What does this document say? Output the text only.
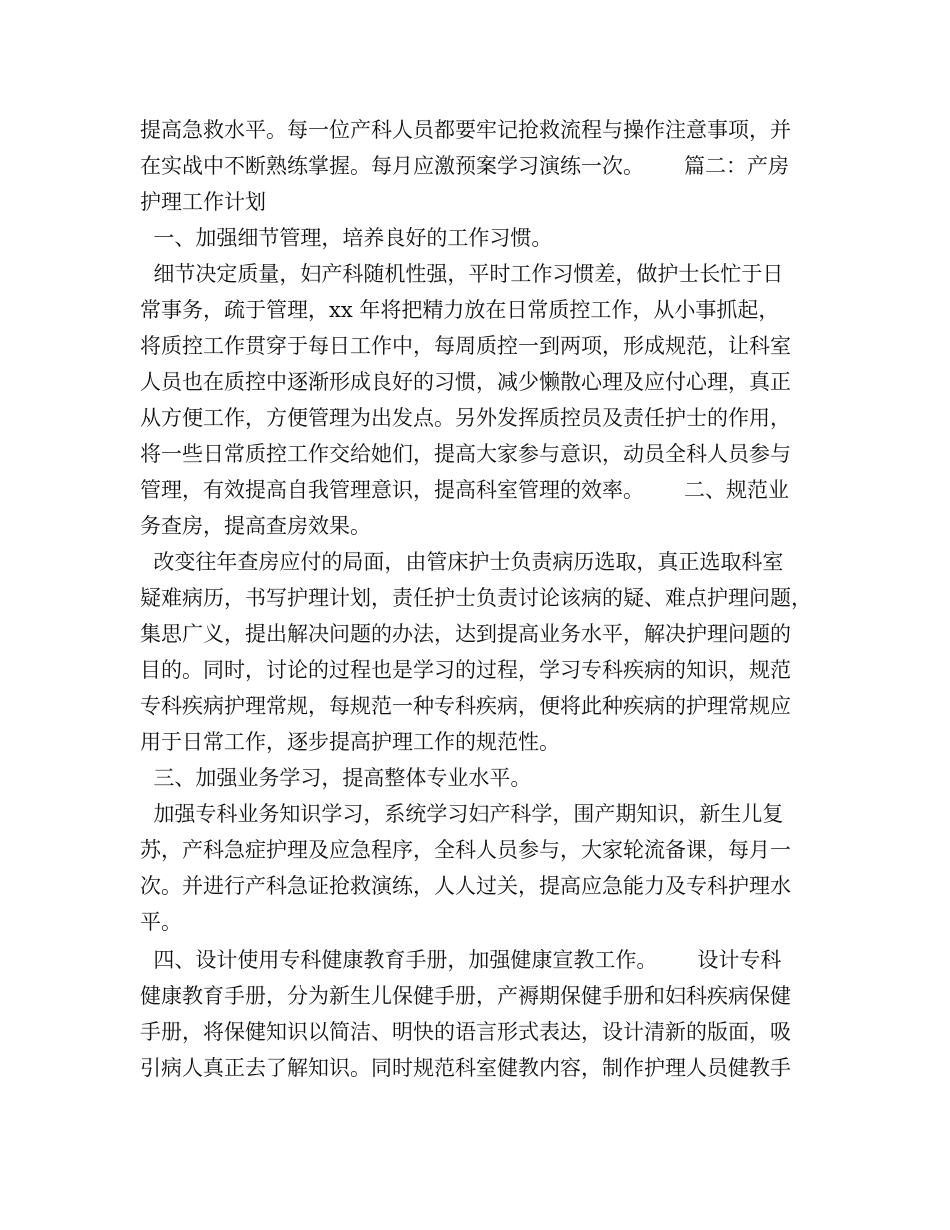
提高急救水平。每一位产科人员都要牢记抢救流程与操作注意事项，并
在实战中不断熟练掌握。每月应激预案学习演练一次。      篇二：产房
护理工作计划
一、加强细节管理，培养良好的工作习惯。
细节决定质量，妇产科随机性强，平时工作习惯差，做护士长忙于日
常事务，疏于管理，xx 年将把精力放在日常质控工作，从小事抓起，
将质控工作贯穿于每日工作中，每周质控一到两项，形成规范，让科室
人员也在质控中逐渐形成良好的习惯，减少懒散心理及应付心理，真正
从方便工作，方便管理为出发点。另外发挥质控员及责任护士的作用，
将一些日常质控工作交给她们，提高大家参与意识，动员全科人员参与
管理，有效提高自我管理意识，提高科室管理的效率。      二、规范业
务查房，提高查房效果。
改变往年查房应付的局面，由管床护士负责病历选取，真正选取科室
疑难病历，书写护理计划，责任护士负责讨论该病的疑、难点护理问题，
集思广义，提出解决问题的办法，达到提高业务水平，解决护理问题的
目的。同时，讨论的过程也是学习的过程，学习专科疾病的知识，规范
专科疾病护理常规，每规范一种专科疾病，便将此种疾病的护理常规应
用于日常工作，逐步提高护理工作的规范性。
三、加强业务学习，提高整体专业水平。
加强专科业务知识学习，系统学习妇产科学，围产期知识，新生儿复
苏，产科急症护理及应急程序，全科人员参与，大家轮流备课，每月一
次。并进行产科急证抢救演练，人人过关，提高应急能力及专科护理水
平。
四、设计使用专科健康教育手册，加强健康宣教工作。      设计专科
健康教育手册，分为新生儿保健手册，产褥期保健手册和妇科疾病保健
手册，将保健知识以简洁、明快的语言形式表达，设计清新的版面，吸
引病人真正去了解知识。同时规范科室健教内容，制作护理人员健教手
